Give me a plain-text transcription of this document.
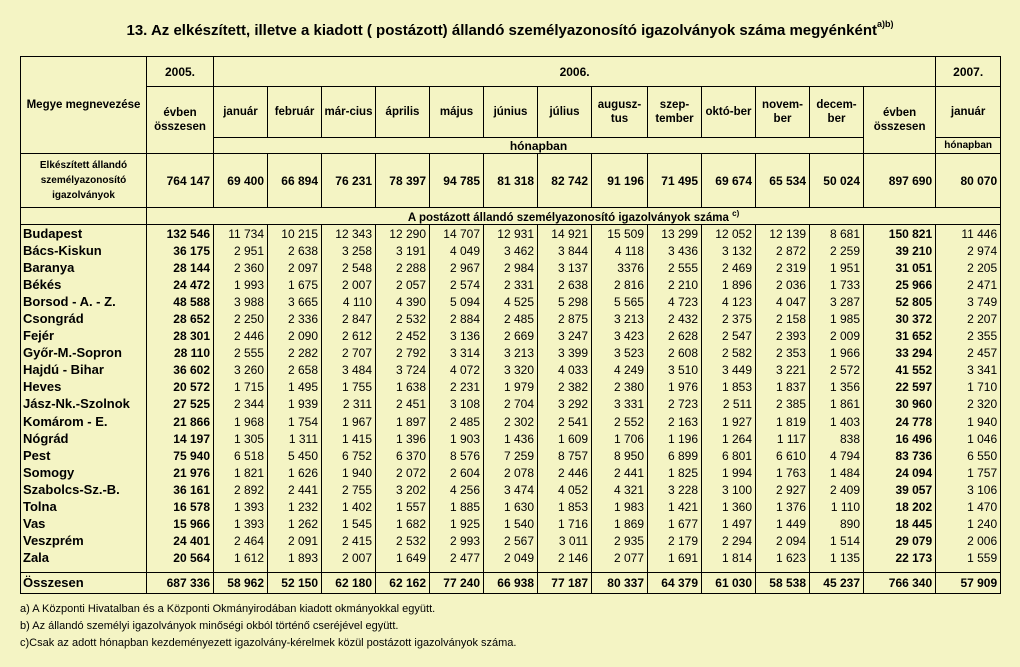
13. Az elkészített, illetve a kiadott ( postázott) állandó személyazonosító igazolványok száma megyénként$^{a)b)}$
Megye megnevezése	2005.	2006.													2007.
	évben összesen	január	február	már-cius	április	május	június	július	augusz-tus	szep-tember	októ-ber	novem-ber	decem-ber	évben összesen	január
		hónapban													hónapban
Elkészített állandó személyazonosító igazolványok	764 147	69 400	66 894	76 231	78 397	94 785	81 318	82 742	91 196	71 495	69 674	65 534	50 024	897 690	80 070
	A postázott állandó személyazonosító igazolványok száma $^{c)}$
Budapest	132 546	11 734	10 215	12 343	12 290	14 707	12 931	14 921	15 509	13 299	12 052	12 139	8 681	150 821	11 446
Bács-Kiskun	36 175	2 951	2 638	3 258	3 191	4 049	3 462	3 844	4 118	3 436	3 132	2 872	2 259	39 210	2 974
Baranya	28 144	2 360	2 097	2 548	2 288	2 967	2 984	3 137	3376	2 555	2 469	2 319	1 951	31 051	2 205
Békés	24 472	1 993	1 675	2 007	2 057	2 574	2 331	2 638	2 816	2 210	1 896	2 036	1 733	25 966	2 471
Borsod - A. - Z.	48 588	3 988	3 665	4 110	4 390	5 094	4 525	5 298	5 565	4 723	4 123	4 047	3 287	52 805	3 749
Csongrád	28 652	2 250	2 336	2 847	2 532	2 884	2 485	2 875	3 213	2 432	2 375	2 158	1 985	30 372	2 207
Fejér	28 301	2 446	2 090	2 612	2 452	3 136	2 669	3 247	3 423	2 628	2 547	2 393	2 009	31 652	2 355
Győr-M.-Sopron	28 110	2 555	2 282	2 707	2 792	3 314	3 213	3 399	3 523	2 608	2 582	2 353	1 966	33 294	2 457
Hajdú - Bihar	36 602	3 260	2 658	3 484	3 724	4 072	3 320	4 033	4 249	3 510	3 449	3 221	2 572	41 552	3 341
Heves	20 572	1 715	1 495	1 755	1 638	2 231	1 979	2 382	2 380	1 976	1 853	1 837	1 356	22 597	1 710
Jász-Nk.-Szolnok	27 525	2 344	1 939	2 311	2 451	3 108	2 704	3 292	3 331	2 723	2 511	2 385	1 861	30 960	2 320
Komárom - E.	21 866	1 968	1 754	1 967	1 897	2 485	2 302	2 541	2 552	2 163	1 927	1 819	1 403	24 778	1 940
Nógrád	14 197	1 305	1 311	1 415	1 396	1 903	1 436	1 609	1 706	1 196	1 264	1 117	838	16 496	1 046
Pest	75 940	6 518	5 450	6 752	6 370	8 576	7 259	8 757	8 950	6 899	6 801	6 610	4 794	83 736	6 550
Somogy	21 976	1 821	1 626	1 940	2 072	2 604	2 078	2 446	2 441	1 825	1 994	1 763	1 484	24 094	1 757
Szabolcs-Sz.-B.	36 161	2 892	2 441	2 755	3 202	4 256	3 474	4 052	4 321	3 228	3 100	2 927	2 409	39 057	3 106
Tolna	16 578	1 393	1 232	1 402	1 557	1 885	1 630	1 853	1 983	1 421	1 360	1 376	1 110	18 202	1 470
Vas	15 966	1 393	1 262	1 545	1 682	1 925	1 540	1 716	1 869	1 677	1 497	1 449	890	18 445	1 240
Veszprém	24 401	2 464	2 091	2 415	2 532	2 993	2 567	3 011	2 935	2 179	2 294	2 094	1 514	29 079	2 006
Zala	20 564	1 612	1 893	2 007	1 649	2 477	2 049	2 146	2 077	1 691	1 814	1 623	1 135	22 173	1 559
Összesen	687 336	58 962	52 150	62 180	62 162	77 240	66 938	77 187	80 337	64 379	61 030	58 538	45 237	766 340	57 909
a) A Központi Hivatalban és a Központi Okmányirodában kiadott okmányokkal együtt.
b) Az állandó személyi igazolványok minőségi okból történő cseréjével együtt.
c)Csak az adott hónapban kezdeményezett igazolvány-kérelmek közül postázott igazolványok száma.
